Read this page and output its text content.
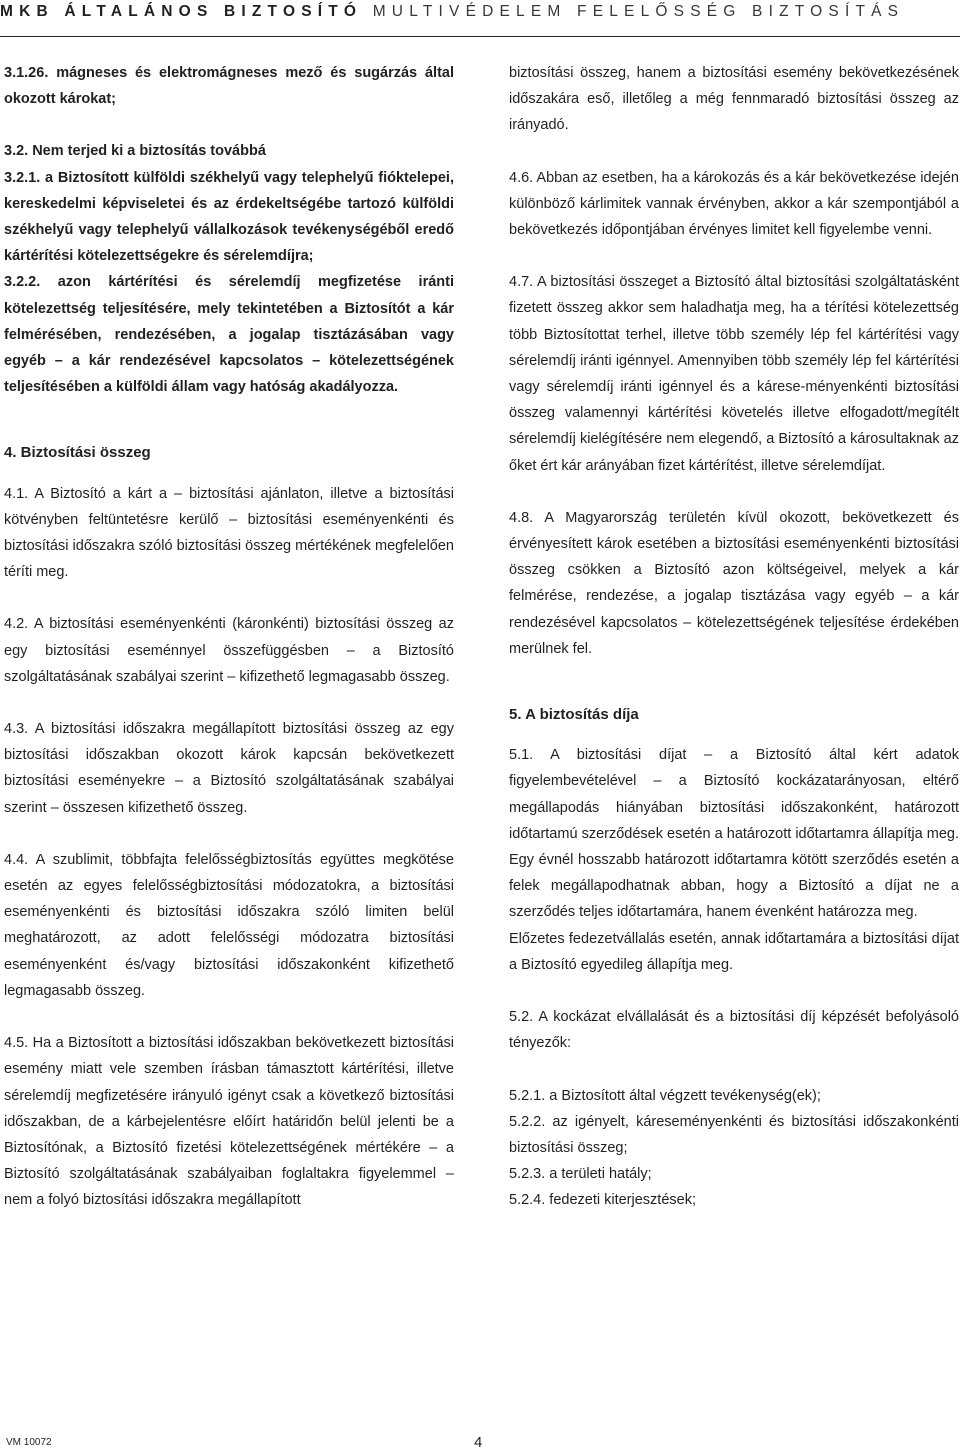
MKB ÁLTALÁNOS BIZTOSÍTÓ MULTIVÉDELEM FELELŐSSÉG BIZTOSÍTÁS

3.1.26. mágneses és elektromágneses mező és sugárzás által okozott károkat;

3.2. Nem terjed ki a biztosítás továbbá

3.2.1. a Biztosított külföldi székhelyű vagy telephelyű fióktelepei, kereskedelmi képviseletei és az érdekeltségébe tartozó külföldi székhelyű vagy telephelyű vállalkozások tevékenységéből eredő kártérítési kötelezettségekre és sérelemdíjra;

3.2.2. azon kártérítési és sérelemdíj megfizetése iránti kötelezettség teljesítésére, mely tekintetében a Biztosítót a kár felmérésében, rendezésében, a jogalap tisztázásában vagy egyéb – a kár rendezésével kapcsolatos – kötelezettségének teljesítésében a külföldi állam vagy hatóság akadályozza.

4. Biztosítási összeg

4.1. A Biztosító a kárt a – biztosítási ajánlaton, illetve a biztosítási kötvényben feltüntetésre kerülő – biztosítási eseményenkénti és biztosítási időszakra szóló biztosítási összeg mértékének megfelelően téríti meg.

4.2. A biztosítási eseményenkénti (káronkénti) biztosítási összeg az egy biztosítási eseménnyel összefüggésben – a Biztosító szolgáltatásának szabályai szerint – kifizethető legmagasabb összeg.

4.3. A biztosítási időszakra megállapított biztosítási összeg az egy biztosítási időszakban okozott károk kapcsán bekövetkezett biztosítási eseményekre – a Biztosító szolgáltatásának szabályai szerint – összesen kifizethető összeg.

4.4. A szublimit, többfajta felelősségbiztosítás együttes megkötése esetén az egyes felelősségbiztosítási módozatokra, a biztosítási eseményenkénti és biztosítási időszakra szóló limiten belül meghatározott, az adott felelősségi módozatra biztosítási eseményenként és/vagy biztosítási időszakonként kifizethető legmagasabb összeg.

4.5. Ha a Biztosított a biztosítási időszakban bekövetkezett biztosítási esemény miatt vele szemben írásban támasztott kártérítési, illetve sérelemdíj megfizetésére irányuló igényt csak a következő biztosítási időszakban, de a kárbejelentésre előírt határidőn belül jelenti be a Biztosítónak, a Biztosító fizetési kötelezettségének mértékére – a Biztosító szolgáltatásának szabályaiban foglaltakra figyelemmel – nem a folyó biztosítási időszakra megállapított

biztosítási összeg, hanem a biztosítási esemény bekövetkezésének időszakára eső, illetőleg a még fennmaradó biztosítási összeg az irányadó.

4.6. Abban az esetben, ha a károkozás és a kár bekövetkezése idején különböző kárlimitek vannak érvényben, akkor a kár szempontjából a bekövetkezés időpontjában érvényes limitet kell figyelembe venni.

4.7. A biztosítási összeget a Biztosító által biztosítási szolgáltatásként fizetett összeg akkor sem haladhatja meg, ha a térítési kötelezettség több Biztosítottat terhel, illetve több személy lép fel kártérítési vagy sérelemdíj iránti igénnyel. Amennyiben több személy lép fel kártérítési vagy sérelemdíj iránti igénnyel és a kárese-ményenkénti biztosítási összeg valamennyi kártérítési követelés illetve elfogadott/megítélt sérelemdíj kielégítésére nem elegendő, a Biztosító a károsultaknak az őket ért kár arányában fizet kártérítést, illetve sérelemdíjat.

4.8. A Magyarország területén kívül okozott, bekövetkezett és érvényesített károk esetében a biztosítási eseményenkénti biztosítási összeg csökken a Biztosító azon költségeivel, melyek a kár felmérése, rendezése, a jogalap tisztázása vagy egyéb – a kár rendezésével kapcsolatos – kötelezettségének teljesítése érdekében merülnek fel.

5. A biztosítás díja

5.1. A biztosítási díjat – a Biztosító által kért adatok figyelembevételével – a Biztosító kockázatarányosan, eltérő megállapodás hiányában biztosítási időszakonként, határozott időtartamú szerződések esetén a határozott időtartamra állapítja meg. Egy évnél hosszabb határozott időtartamra kötött szerződés esetén a felek megállapodhatnak abban, hogy a Biztosító a díjat ne a szerződés teljes időtartamára, hanem évenként határozza meg.

Előzetes fedezetvállalás esetén, annak időtartamára a biztosítási díjat a Biztosító egyedileg állapítja meg.

5.2. A kockázat elvállalását és a biztosítási díj képzését befolyásoló tényezők:

5.2.1. a Biztosított által végzett tevékenység(ek);

5.2.2. az igényelt, káreseményenkénti és biztosítási időszakonkénti biztosítási összeg;

5.2.3. a területi hatály;

5.2.4. fedezeti kiterjesztések;

VM 10072	4
